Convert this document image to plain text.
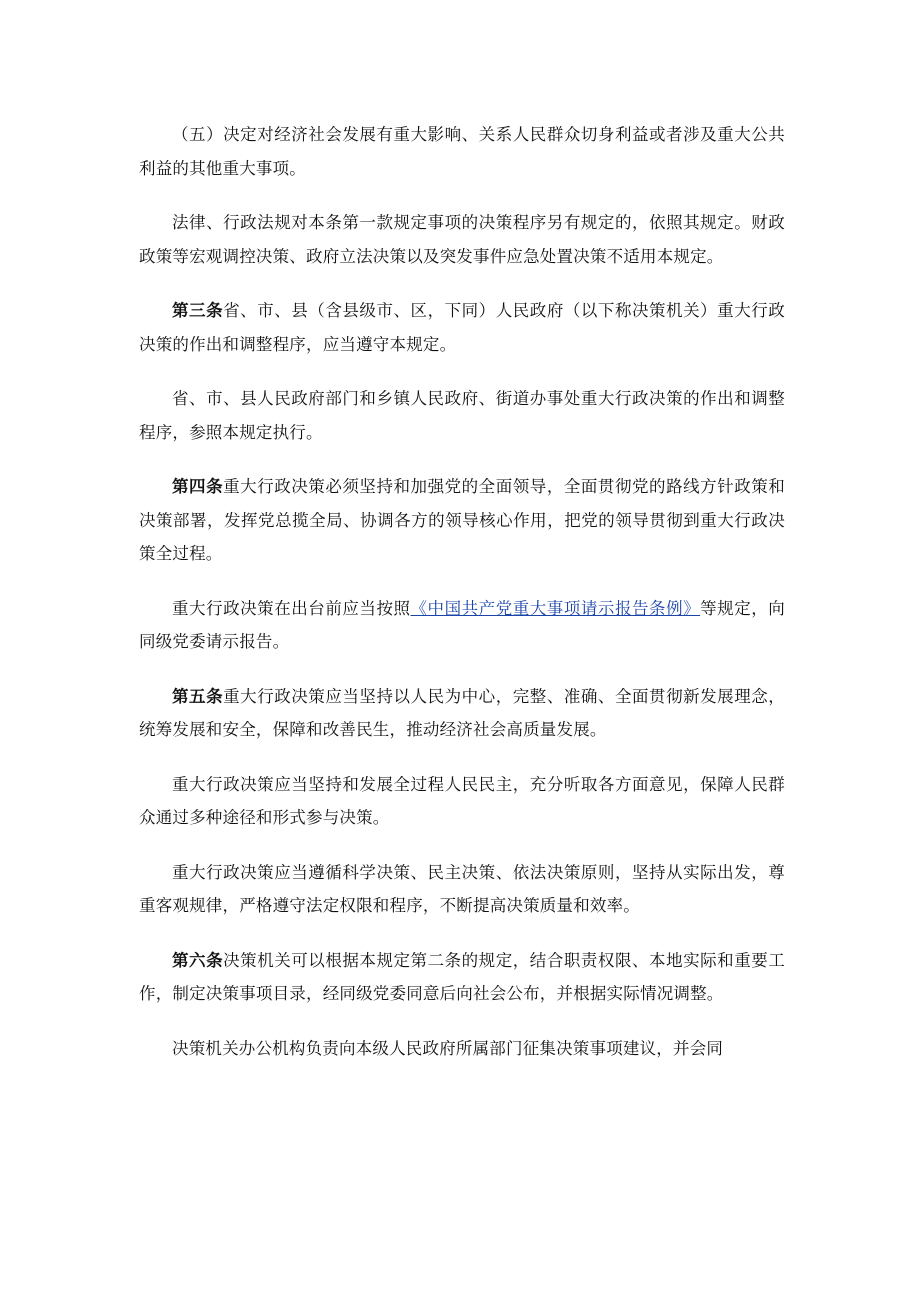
（五）决定对经济社会发展有重大影响、关系人民群众切身利益或者涉及重大公共利益的其他重大事项。

法律、行政法规对本条第一款规定事项的决策程序另有规定的，依照其规定。财政政策等宏观调控决策、政府立法决策以及突发事件应急处置决策不适用本规定。

第三条省、市、县（含县级市、区，下同）人民政府（以下称决策机关）重大行政决策的作出和调整程序，应当遵守本规定。

省、市、县人民政府部门和乡镇人民政府、街道办事处重大行政决策的作出和调整程序，参照本规定执行。

第四条重大行政决策必须坚持和加强党的全面领导，全面贯彻党的路线方针政策和决策部署，发挥党总揽全局、协调各方的领导核心作用，把党的领导贯彻到重大行政决策全过程。

重大行政决策在出台前应当按照《中国共产党重大事项请示报告条例》等规定，向同级党委请示报告。

第五条重大行政决策应当坚持以人民为中心，完整、准确、全面贯彻新发展理念，统筹发展和安全，保障和改善民生，推动经济社会高质量发展。

重大行政决策应当坚持和发展全过程人民民主，充分听取各方面意见，保障人民群众通过多种途径和形式参与决策。

重大行政决策应当遵循科学决策、民主决策、依法决策原则，坚持从实际出发，尊重客观规律，严格遵守法定权限和程序，不断提高决策质量和效率。

第六条决策机关可以根据本规定第二条的规定，结合职责权限、本地实际和重要工作，制定决策事项目录，经同级党委同意后向社会公布，并根据实际情况调整。

决策机关办公机构负责向本级人民政府所属部门征集决策事项建议，并会同
